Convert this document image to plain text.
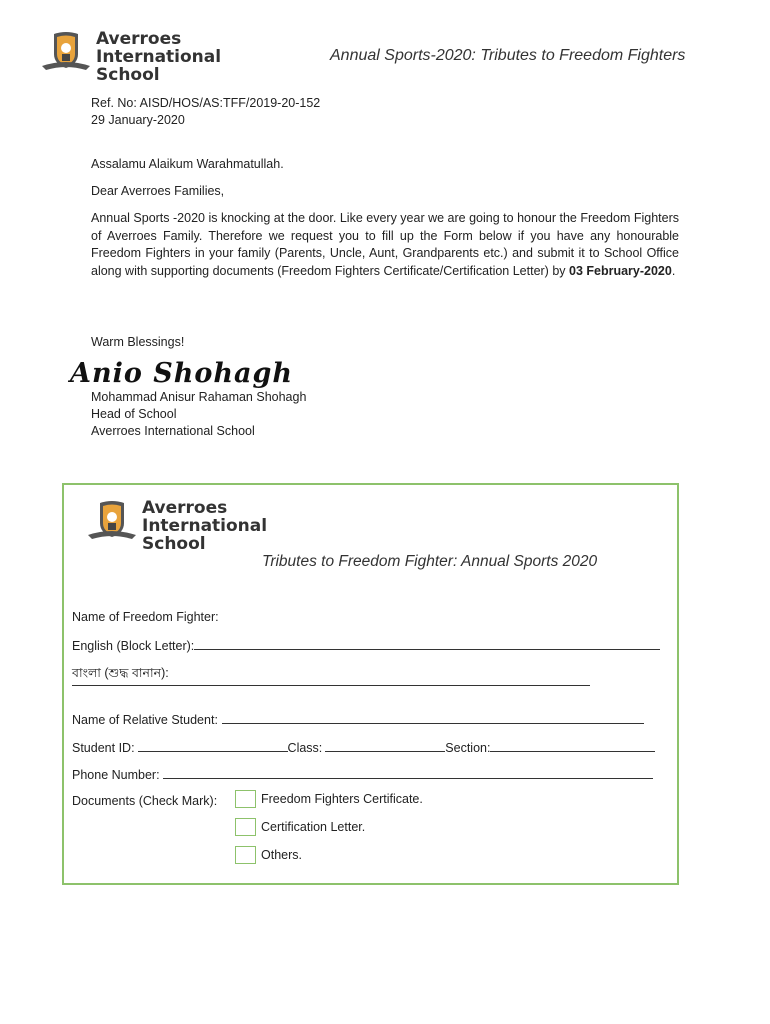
Averroes
International
School
Annual Sports-2020: Tributes to Freedom Fighters
Ref. No: AISD/HOS/AS:TFF/2019-20-152
29 January-2020
Assalamu Alaikum Warahmatullah.
Dear Averroes Families,
Annual Sports -2020 is knocking at the door. Like every year we are going to honour the Freedom Fighters of Averroes Family. Therefore we request you to fill up the Form below if you have any honourable Freedom Fighters in your family (Parents, Uncle, Aunt, Grandparents etc.) and submit it to School Office along with supporting documents (Freedom Fighters Certificate/Certification Letter) by 03 February-2020.
Warm Blessings!
Anio Shohagh
Mohammad Anisur Rahaman Shohagh
Head of School
Averroes International School
Averroes
International
School
Tributes to Freedom Fighter: Annual Sports 2020
Name of Freedom Fighter:
English (Block Letter):
বাংলা (শুদ্ধ বানান):
Name of Relative Student:
Student ID:	Class:	Section:
Phone Number:
Documents (Check Mark):	Freedom Fighters Certificate.
Certification Letter.
Others.
